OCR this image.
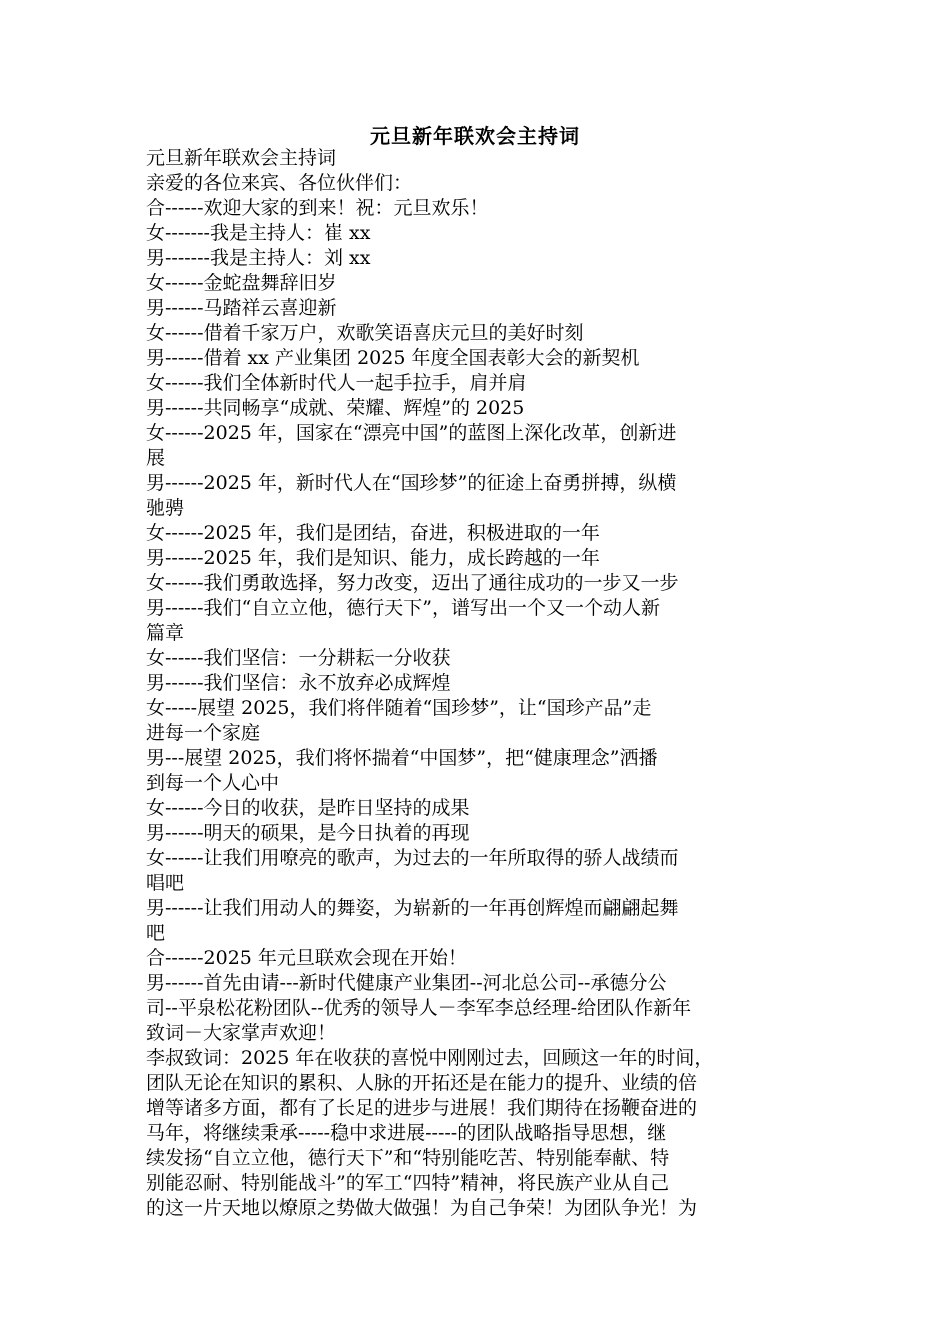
元旦新年联欢会主持词

元旦新年联欢会主持词

亲爱的各位来宾、各位伙伴们：

合------欢迎大家的到来！祝：元旦欢乐！

女-------我是主持人：崔 xx

男-------我是主持人：刘 xx

女------金蛇盘舞辞旧岁

男------马踏祥云喜迎新

女------借着千家万户，欢歌笑语喜庆元旦的美好时刻

男------借着 xx 产业集团 2025 年度全国表彰大会的新契机

女------我们全体新时代人一起手拉手，肩并肩

男------共同畅享“成就、荣耀、辉煌”的 2025

女------2025 年，国家在“漂亮中国”的蓝图上深化改革，创新进
展

男------2025 年，新时代人在“国珍梦”的征途上奋勇拼搏，纵横
驰骋

女------2025 年，我们是团结，奋进，积极进取的一年

男------2025 年，我们是知识、能力，成长跨越的一年

女------我们勇敢选择，努力改变，迈出了通往成功的一步又一步

男------我们“自立立他，德行天下”，谱写出一个又一个动人新
篇章

女------我们坚信：一分耕耘一分收获

男------我们坚信：永不放弃必成辉煌

女-----展望 2025，我们将伴随着“国珍梦”，让“国珍产品”走
进每一个家庭

男---展望 2025，我们将怀揣着“中国梦”，把“健康理念”洒播
到每一个人心中

女------今日的收获，是昨日坚持的成果

男------明天的硕果，是今日执着的再现

女------让我们用嘹亮的歌声，为过去的一年所取得的骄人战绩而
唱吧

男------让我们用动人的舞姿，为崭新的一年再创辉煌而翩翩起舞
吧

合------2025 年元旦联欢会现在开始！

男------首先由请---新时代健康产业集团--河北总公司--承德分公
司--平泉松花粉团队--优秀的领导人－李军李总经理-给团队作新年
致词－大家掌声欢迎！

李叔致词：2025 年在收获的喜悦中刚刚过去，回顾这一年的时间，
团队无论在知识的累积、人脉的开拓还是在能力的提升、业绩的倍
增等诸多方面，都有了长足的进步与进展！我们期待在扬鞭奋进的
马年，将继续秉承-----稳中求进展-----的团队战略指导思想，继
续发扬“自立立他，德行天下”和“特别能吃苦、特别能奉献、特
别能忍耐、特别能战斗”的军工“四特”精神，将民族产业从自己
的这一片天地以燎原之势做大做强！为自己争荣！为团队争光！为
